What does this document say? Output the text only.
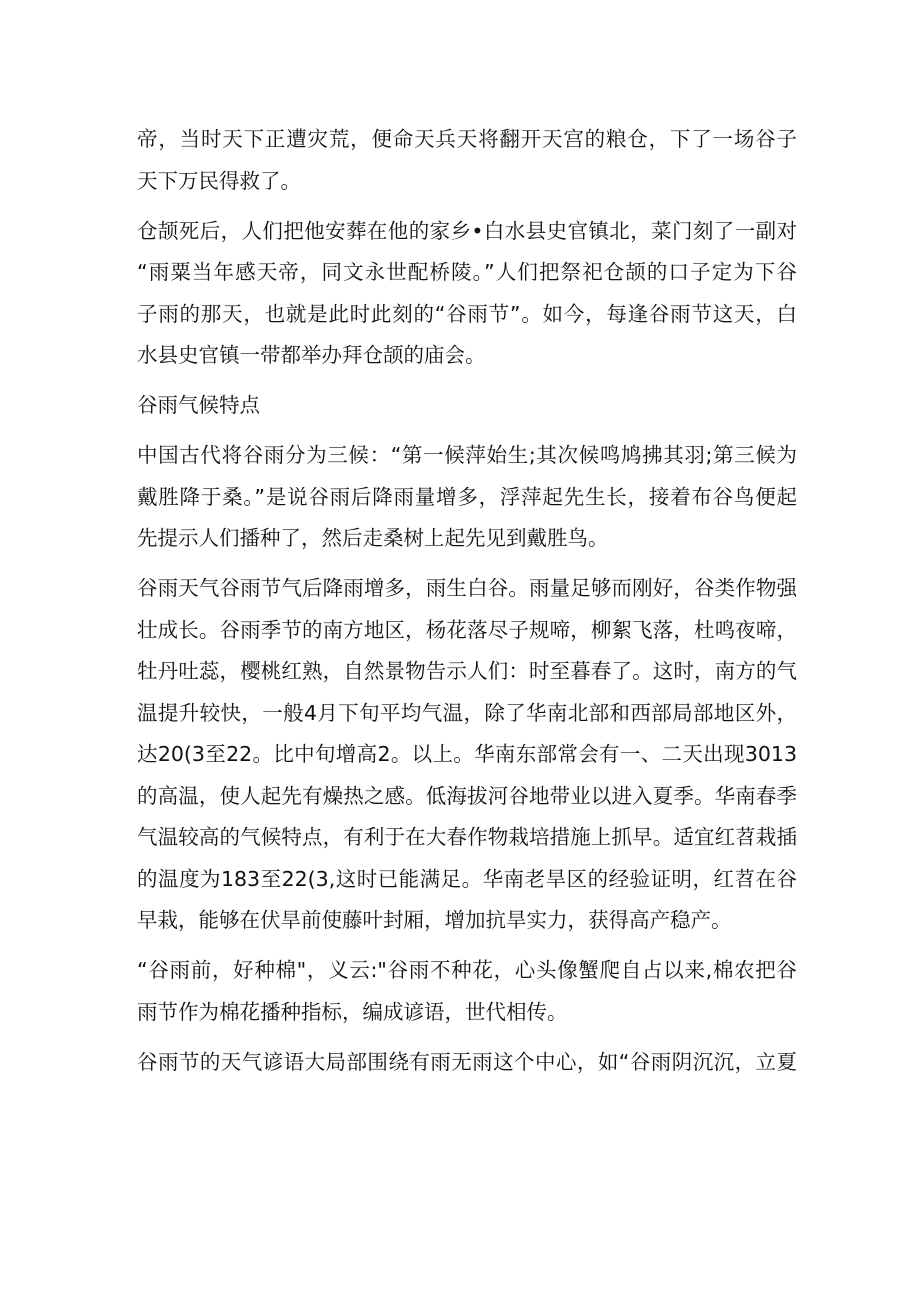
帝，当时天下正遭灾荒，便命天兵天将翻开天宫的粮仓，下了一场谷子
天下万民得救了。
仓颉死后，人们把他安葬在他的家乡•白水县史官镇北，菜门刻了一副对
“雨粟当年感天帝，同文永世配桥陵。”人们把祭祀仓颉的口子定为下谷
子雨的那天，也就是此时此刻的“谷雨节”。如今，每逢谷雨节这天，白
水县史官镇一带都举办拜仓颉的庙会。
谷雨气候特点
中国古代将谷雨分为三候：“第一候萍始生;其次候鸣鸠拂其羽;第三候为
戴胜降于桑。”是说谷雨后降雨量增多，浮萍起先生长，接着布谷鸟便起
先提示人们播种了，然后走桑树上起先见到戴胜鸟。
谷雨天气谷雨节气后降雨增多，雨生白谷。雨量足够而刚好，谷类作物强
壮成长。谷雨季节的南方地区，杨花落尽子规啼，柳絮飞落，杜鸣夜啼，
牡丹吐蕊，樱桃红熟，自然景物告示人们：时至暮春了。这时，南方的气
温提升较快，一般4月下旬平均气温，除了华南北部和西部局部地区外，
达20(3至22。比中旬增高2。以上。华南东部常会有一、二天出现3013
的高温，使人起先有燥热之感。低海拔河谷地带业以进入夏季。华南春季
气温较高的气候特点，有利于在大春作物栽培措施上抓早。适宜红苕栽插
的温度为183至22(3,这时已能满足。华南老旱区的经验证明，红苕在谷
早栽，能够在伏旱前使藤叶封厢，增加抗旱实力，获得高产稳产。
“谷雨前，好种棉"，义云:"谷雨不种花，心头像蟹爬自占以来,棉农把谷
雨节作为棉花播种指标，编成谚语，世代相传。
谷雨节的天气谚语大局部围绕有雨无雨这个中心，如“谷雨阴沉沉，立夏
